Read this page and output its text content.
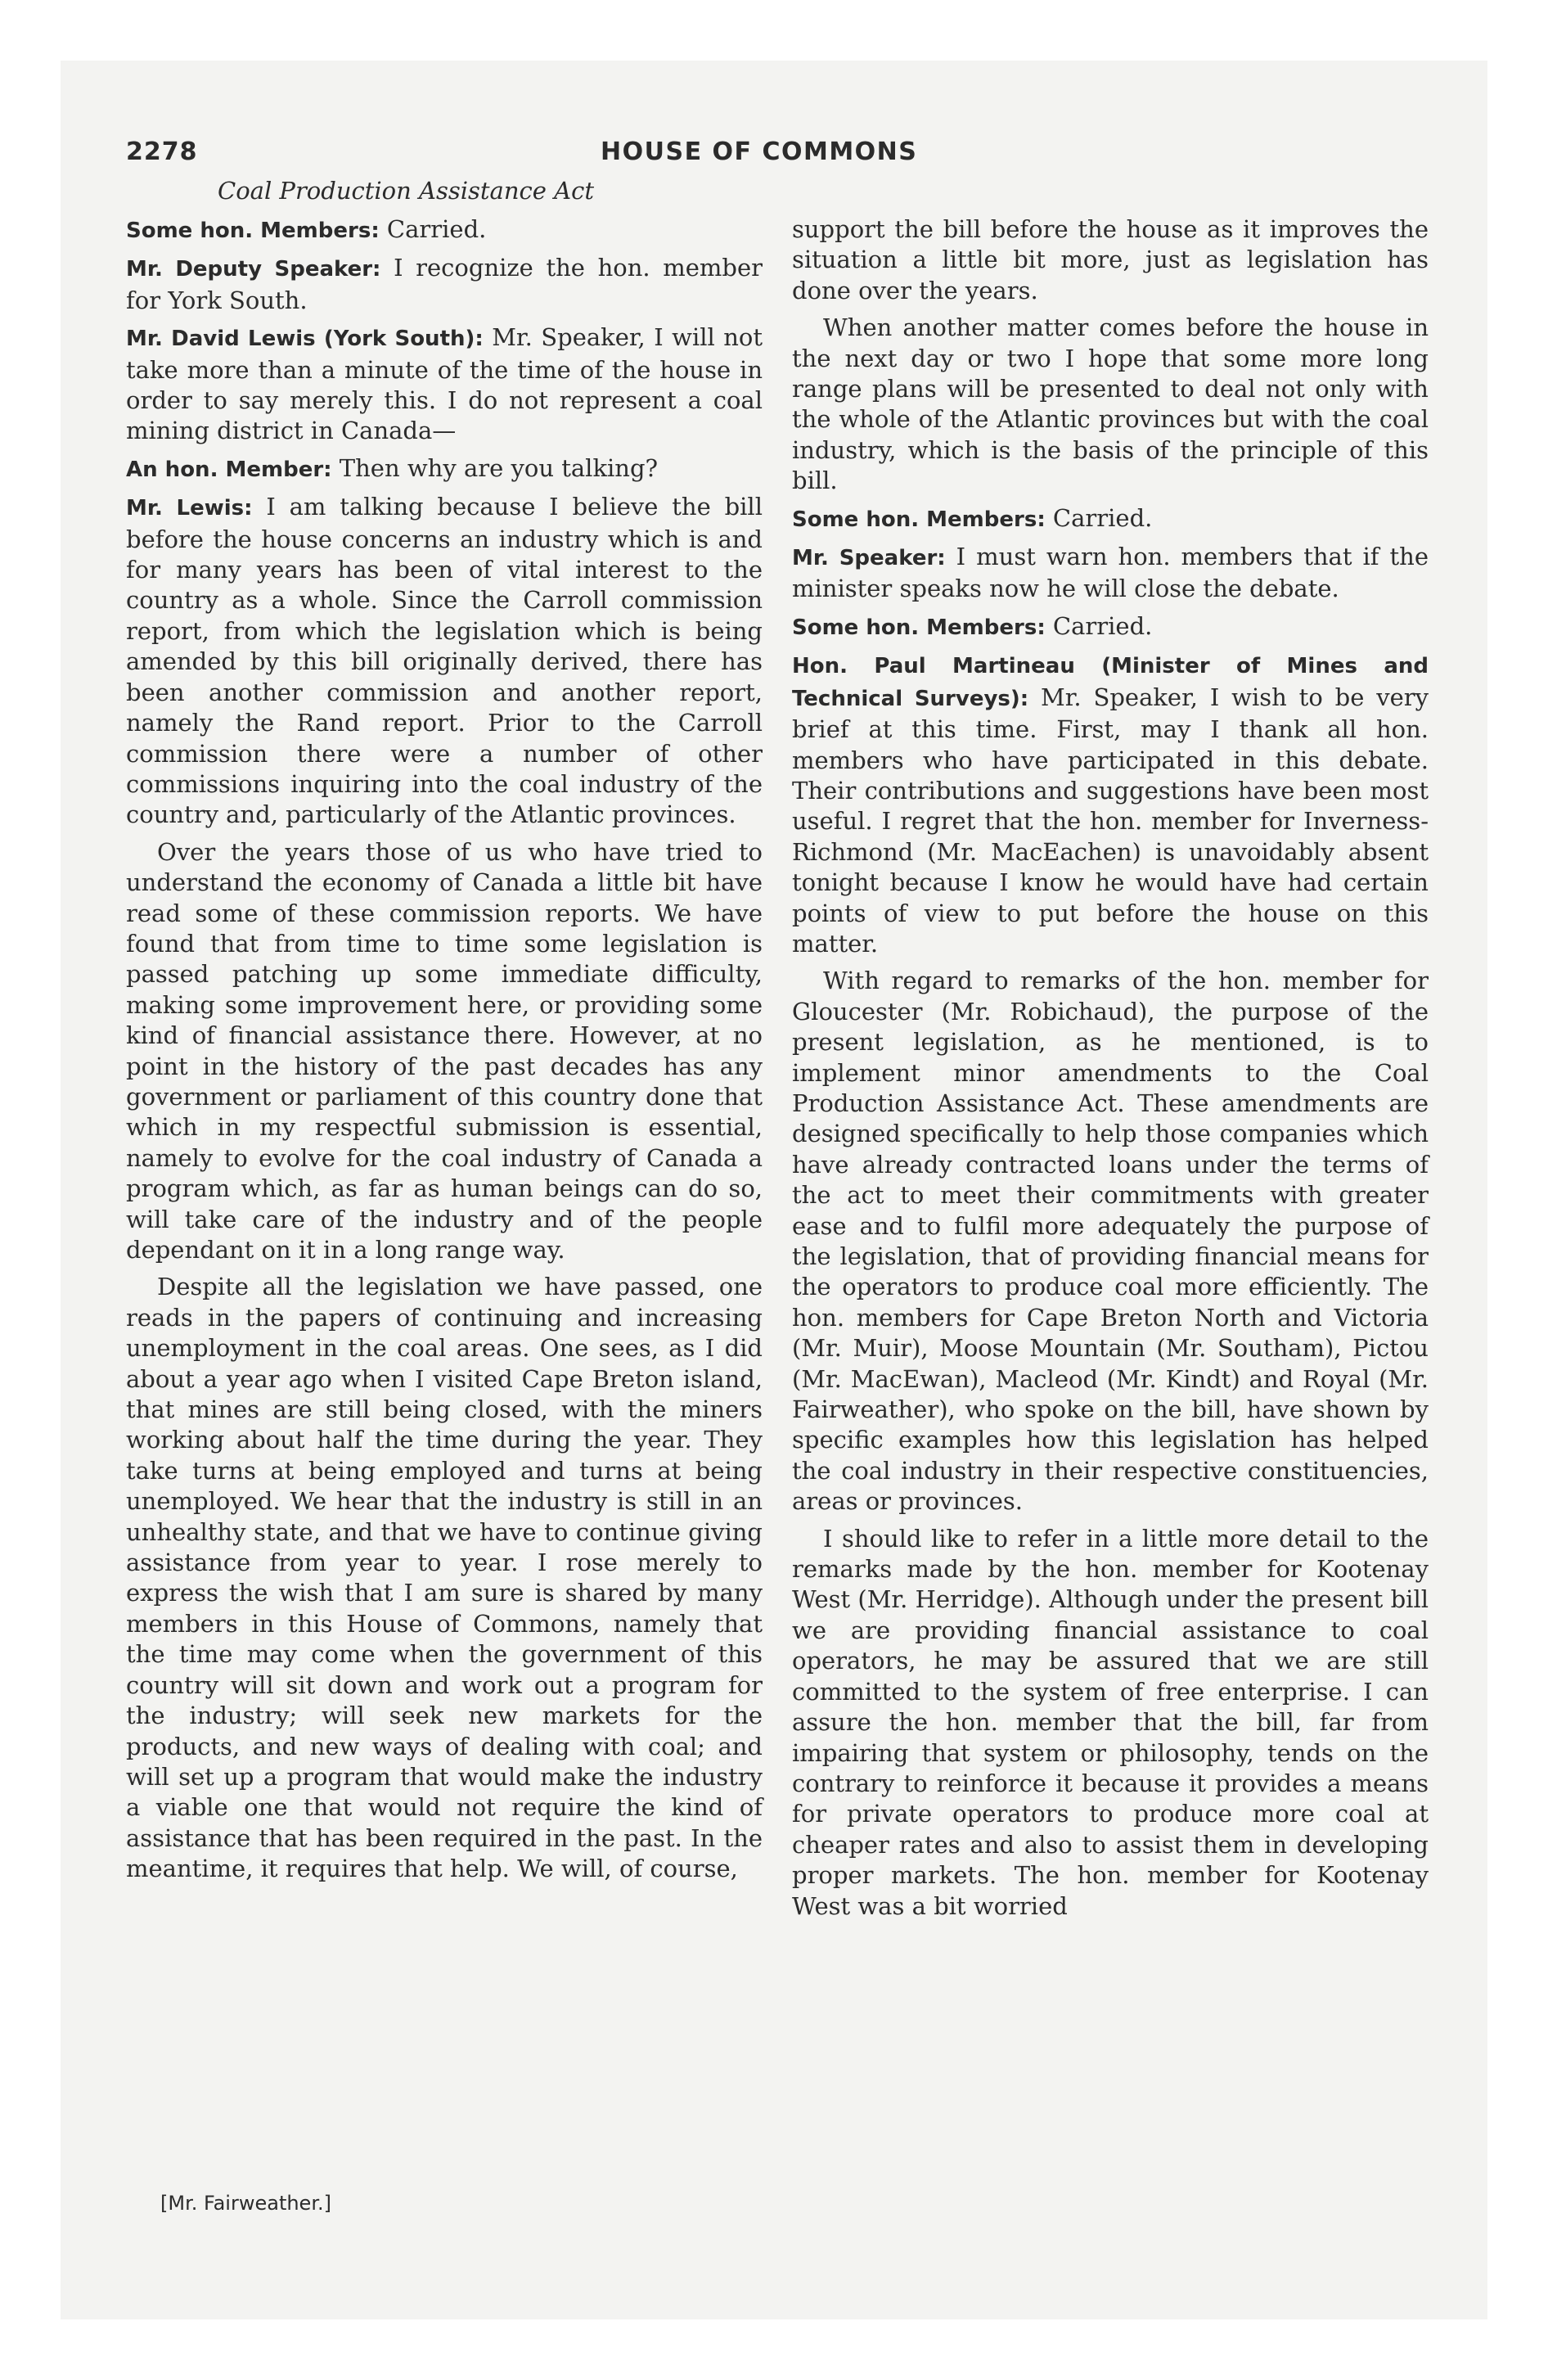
2278	HOUSE OF COMMONS
Coal Production Assistance Act

Some hon. Members: Carried.

Mr. Deputy Speaker: I recognize the hon. member for York South.

Mr. David Lewis (York South): Mr. Speaker, I will not take more than a minute of the time of the house in order to say merely this. I do not represent a coal mining district in Canada—

An hon. Member: Then why are you talking?

Mr. Lewis: I am talking because I believe the bill before the house concerns an industry which is and for many years has been of vital interest to the country as a whole. Since the Carroll commission report, from which the legislation which is being amended by this bill originally derived, there has been another commission and another report, namely the Rand report. Prior to the Carroll commission there were a number of other commissions inquiring into the coal industry of the country and, particularly of the Atlantic provinces.

Over the years those of us who have tried to understand the economy of Canada a little bit have read some of these commission reports. We have found that from time to time some legislation is passed patching up some immediate difficulty, making some improvement here, or providing some kind of financial assistance there. However, at no point in the history of the past decades has any government or parliament of this country done that which in my respectful submission is essential, namely to evolve for the coal industry of Canada a program which, as far as human beings can do so, will take care of the industry and of the people dependant on it in a long range way.

Despite all the legislation we have passed, one reads in the papers of continuing and increasing unemployment in the coal areas. One sees, as I did about a year ago when I visited Cape Breton island, that mines are still being closed, with the miners working about half the time during the year. They take turns at being employed and turns at being unemployed. We hear that the industry is still in an unhealthy state, and that we have to continue giving assistance from year to year. I rose merely to express the wish that I am sure is shared by many members in this House of Commons, namely that the time may come when the government of this country will sit down and work out a program for the industry; will seek new markets for the products, and new ways of dealing with coal; and will set up a program that would make the industry a viable one that would not require the kind of assistance that has been required in the past. In the meantime, it requires that help. We will, of course,

support the bill before the house as it improves the situation a little bit more, just as legislation has done over the years.

When another matter comes before the house in the next day or two I hope that some more long range plans will be presented to deal not only with the whole of the Atlantic provinces but with the coal industry, which is the basis of the principle of this bill.

Some hon. Members: Carried.

Mr. Speaker: I must warn hon. members that if the minister speaks now he will close the debate.

Some hon. Members: Carried.

Hon. Paul Martineau (Minister of Mines and Technical Surveys): Mr. Speaker, I wish to be very brief at this time. First, may I thank all hon. members who have participated in this debate. Their contributions and suggestions have been most useful. I regret that the hon. member for Inverness-Richmond (Mr. MacEachen) is unavoidably absent tonight because I know he would have had certain points of view to put before the house on this matter.

With regard to remarks of the hon. member for Gloucester (Mr. Robichaud), the purpose of the present legislation, as he mentioned, is to implement minor amendments to the Coal Production Assistance Act. These amendments are designed specifically to help those companies which have already contracted loans under the terms of the act to meet their commitments with greater ease and to fulfil more adequately the purpose of the legislation, that of providing financial means for the operators to produce coal more efficiently. The hon. members for Cape Breton North and Victoria (Mr. Muir), Moose Mountain (Mr. Southam), Pictou (Mr. MacEwan), Macleod (Mr. Kindt) and Royal (Mr. Fairweather), who spoke on the bill, have shown by specific examples how this legislation has helped the coal industry in their respective constituencies, areas or provinces.

I should like to refer in a little more detail to the remarks made by the hon. member for Kootenay West (Mr. Herridge). Although under the present bill we are providing financial assistance to coal operators, he may be assured that we are still committed to the system of free enterprise. I can assure the hon. member that the bill, far from impairing that system or philosophy, tends on the contrary to reinforce it because it provides a means for private operators to produce more coal at cheaper rates and also to assist them in developing proper markets. The hon. member for Kootenay West was a bit worried

[Mr. Fairweather.]
